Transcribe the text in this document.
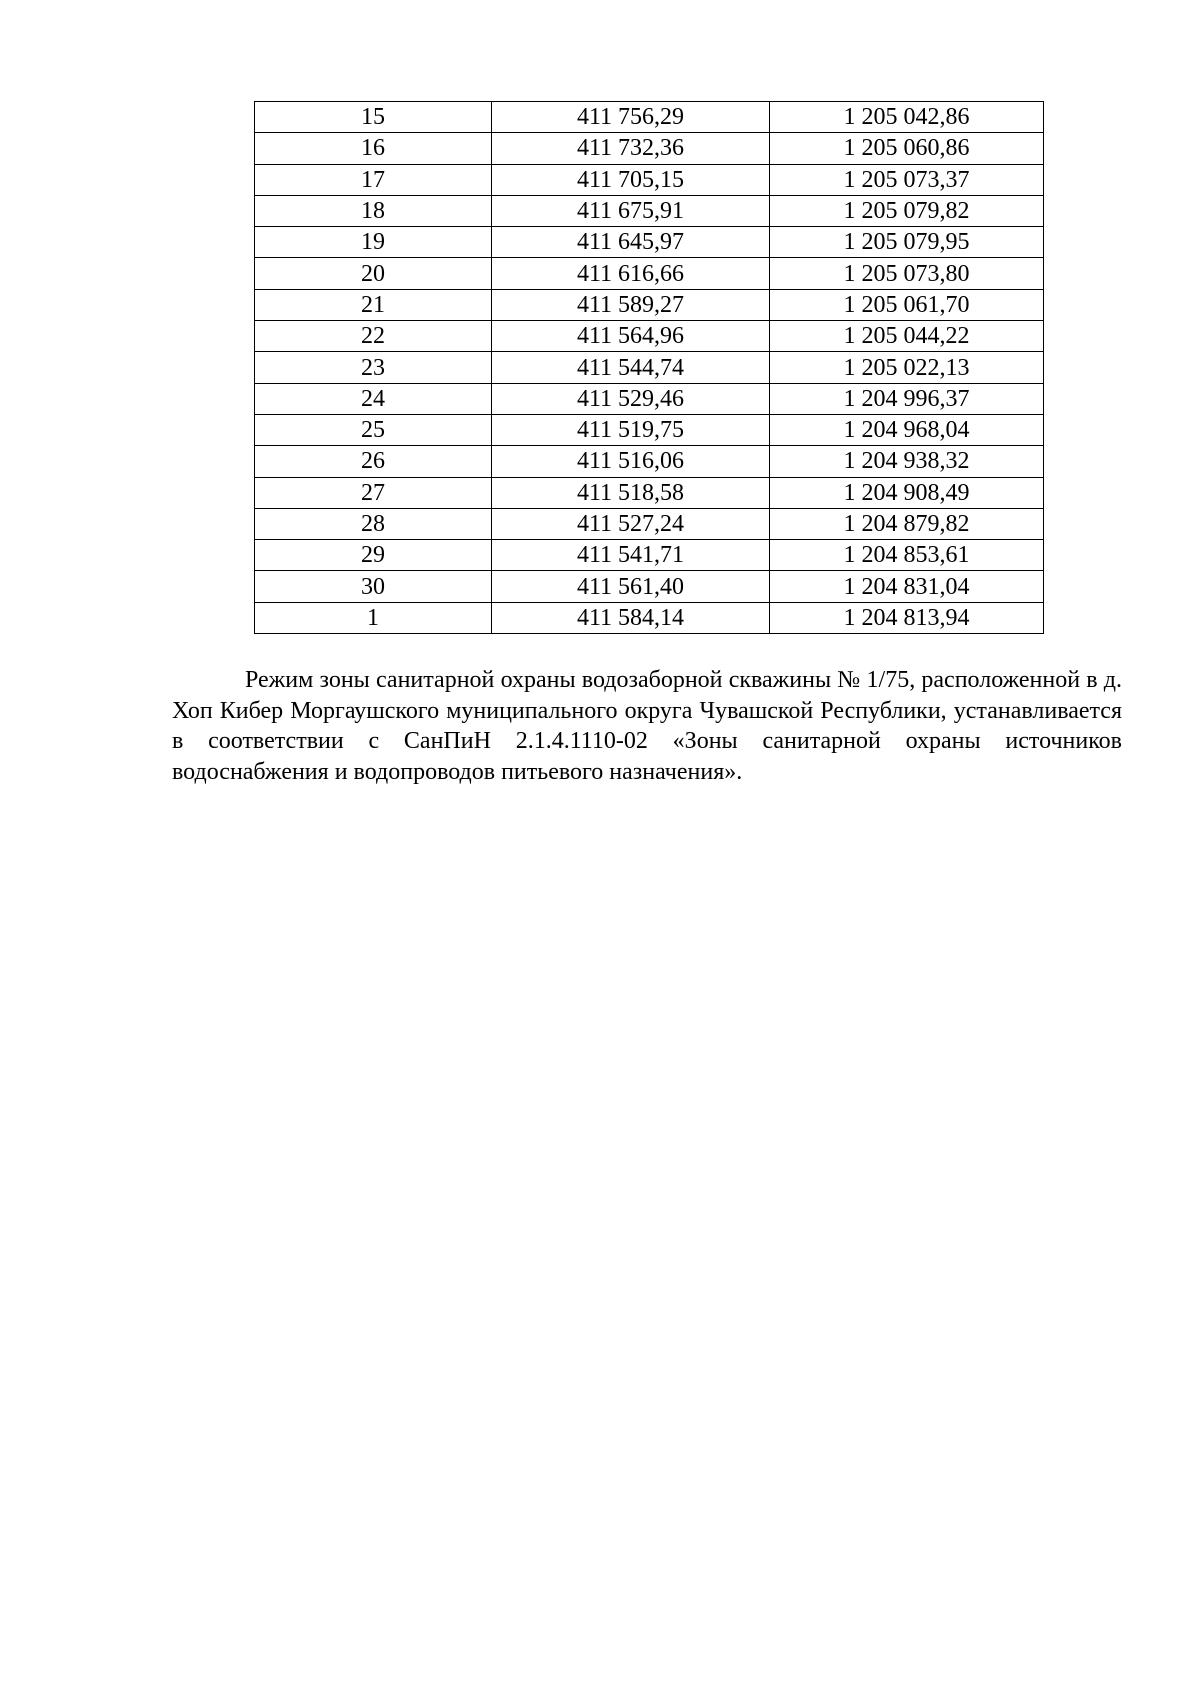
15	411 756,29	1 205 042,86
16	411 732,36	1 205 060,86
17	411 705,15	1 205 073,37
18	411 675,91	1 205 079,82
19	411 645,97	1 205 079,95
20	411 616,66	1 205 073,80
21	411 589,27	1 205 061,70
22	411 564,96	1 205 044,22
23	411 544,74	1 205 022,13
24	411 529,46	1 204 996,37
25	411 519,75	1 204 968,04
26	411 516,06	1 204 938,32
27	411 518,58	1 204 908,49
28	411 527,24	1 204 879,82
29	411 541,71	1 204 853,61
30	411 561,40	1 204 831,04
1	411 584,14	1 204 813,94

Режим зоны санитарной охраны водозаборной скважины № 1/75, расположенной в д. Хоп Кибер Моргаушского муниципального округа Чувашской Республики, устанавливается в соответствии с СанПиН 2.1.4.1110-02 «Зоны санитарной охраны источников водоснабжения и водопроводов питьевого назначения».
